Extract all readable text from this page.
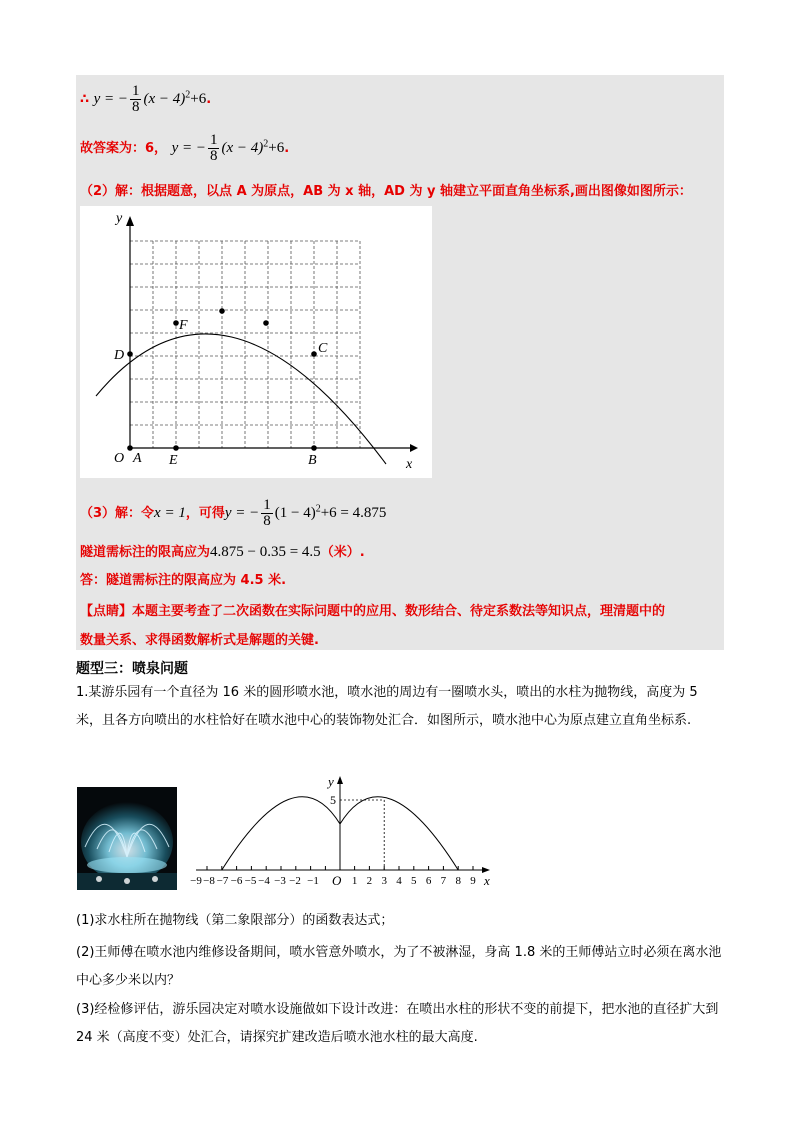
∴ y = − $\frac{1}{8} (x - 4)^2+6$.
故答案为：6， y = − $\frac{1}{8} (x - 4)^2+6$.
（2）解：根据题意，以点 A 为原点，AB 为 x 轴，AD 为 y 轴建立平面直角坐标系,画出图像如图所示：
y
x
O A E	B
D	C
F
（3）解：令x = 1，可得y = − $\frac{1}{8} (1 - 4)^2+6 = 4.875$
隧道需标注的限高应为4.875 − 0.35 = 4.5（米）.
答：隧道需标注的限高应为 4.5 米.
【点睛】本题主要考查了二次函数在实际问题中的应用、数形结合、待定系数法等知识点，理清题中的
数量关系、求得函数解析式是解题的关键.
题型三：喷泉问题
1.某游乐园有一个直径为 16 米的圆形喷水池，喷水池的周边有一圈喷水头，喷出的水柱为抛物线，高度为 5 米，且各方向喷出的水柱恰好在喷水池中心的装饰物处汇合．如图所示，喷水池中心为原点建立直角坐标系.
−9 −8 −7 −6 −5 −4 −3 −2 −1	1 2 3 4 5 6 7 8 9
y
x
O
5
(1)求水柱所在抛物线（第二象限部分）的函数表达式；
(2)王师傅在喷水池内维修设备期间，喷水管意外喷水，为了不被淋湿，身高 1.8 米的王师傅站立时必须在离水池中心多少米以内？
(3)经检修评估，游乐园决定对喷水设施做如下设计改进：在喷出水柱的形状不变的前提下，把水池的直径扩大到 24 米（高度不变）处汇合，请探究扩建改造后喷水池水柱的最大高度.
